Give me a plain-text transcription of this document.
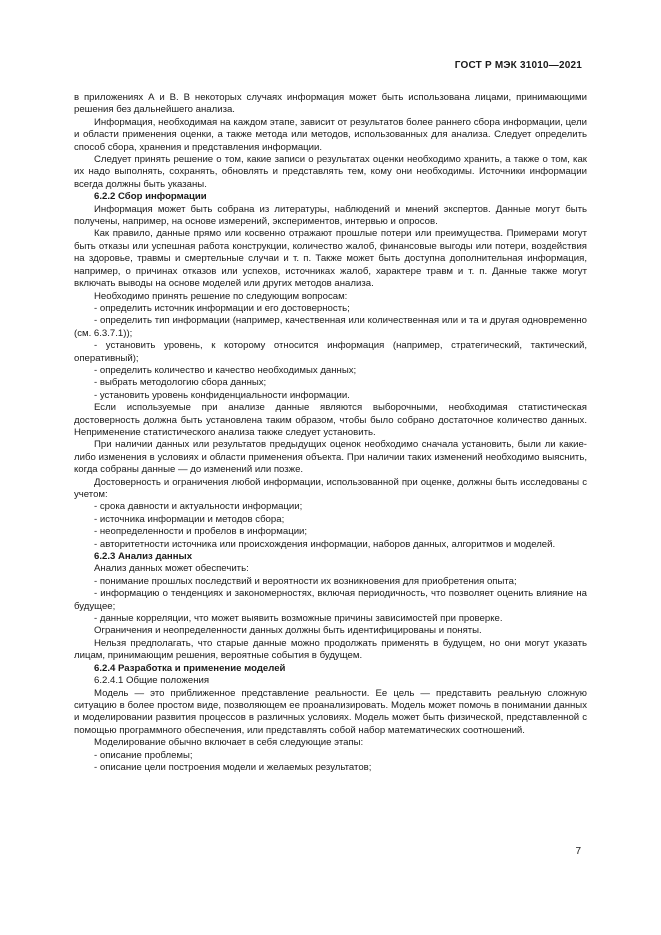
ГОСТ Р МЭК 31010—2021

в приложениях А и В. В некоторых случаях информация может быть использована лицами, принимающими решения без дальнейшего анализа.

Информация, необходимая на каждом этапе, зависит от результатов более раннего сбора информации, цели и области применения оценки, а также метода или методов, использованных для анализа. Следует определить способ сбора, хранения и представления информации.

Следует принять решение о том, какие записи о результатах оценки необходимо хранить, а также о том, как их надо выполнять, сохранять, обновлять и представлять тем, кому они необходимы. Источники информации всегда должны быть указаны.

6.2.2 Сбор информации

Информация может быть собрана из литературы, наблюдений и мнений экспертов. Данные могут быть получены, например, на основе измерений, экспериментов, интервью и опросов.

Как правило, данные прямо или косвенно отражают прошлые потери или преимущества. Примерами могут быть отказы или успешная работа конструкции, количество жалоб, финансовые выгоды или потери, воздействия на здоровье, травмы и смертельные случаи и т. п. Также может быть доступна дополнительная информация, например, о причинах отказов или успехов, источниках жалоб, характере травм и т. п. Данные также могут включать выводы на основе моделей или других методов анализа.

Необходимо принять решение по следующим вопросам:

- определить источник информации и его достоверность;

- определить тип информации (например, качественная или количественная или и та и другая одновременно (см. 6.3.7.1));

- установить уровень, к которому относится информация (например, стратегический, тактический, оперативный);

- определить количество и качество необходимых данных;

- выбрать методологию сбора данных;

- установить уровень конфиденциальности информации.

Если используемые при анализе данные являются выборочными, необходимая статистическая достоверность должна быть установлена таким образом, чтобы было собрано достаточное количество данных. Неприменение статистического анализа также следует установить.

При наличии данных или результатов предыдущих оценок необходимо сначала установить, были ли какие-либо изменения в условиях и области применения объекта. При наличии таких изменений необходимо выяснить, когда собраны данные — до изменений или позже.

Достоверность и ограничения любой информации, использованной при оценке, должны быть исследованы с учетом:

- срока давности и актуальности информации;

- источника информации и методов сбора;

- неопределенности и пробелов в информации;

- авторитетности источника или происхождения информации, наборов данных, алгоритмов и моделей.

6.2.3 Анализ данных

Анализ данных может обеспечить:

- понимание прошлых последствий и вероятности их возникновения для приобретения опыта;

- информацию о тенденциях и закономерностях, включая периодичность, что позволяет оценить влияние на будущее;

- данные корреляции, что может выявить возможные причины зависимостей при проверке.

Ограничения и неопределенности данных должны быть идентифицированы и поняты.

Нельзя предполагать, что старые данные можно продолжать применять в будущем, но они могут указать лицам, принимающим решения, вероятные события в будущем.

6.2.4 Разработка и применение моделей

6.2.4.1 Общие положения

Модель — это приближенное представление реальности. Ее цель — представить реальную сложную ситуацию в более простом виде, позволяющем ее проанализировать. Модель может помочь в понимании данных и моделировании развития процессов в различных условиях. Модель может быть физической, представленной с помощью программного обеспечения, или представлять собой набор математических соотношений.

Моделирование обычно включает в себя следующие этапы:

- описание проблемы;

- описание цели построения модели и желаемых результатов;

7
